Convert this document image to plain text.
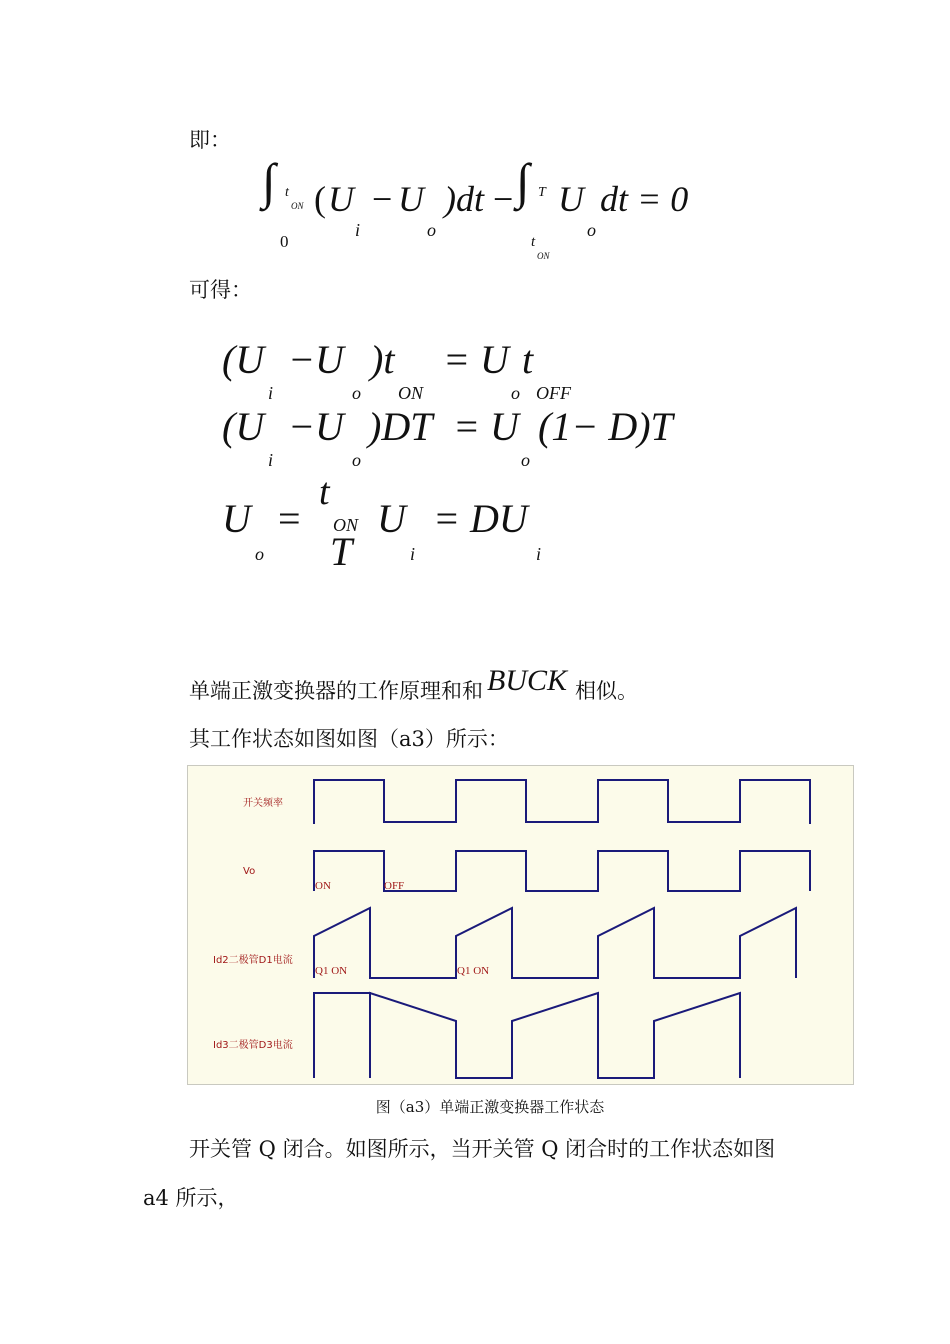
即：
∫ t
ON
0
( U
i
− U
o
)dt − ∫ T
t
ON
U
o
dt = 0
可得：
(U
i
−U
o
)t
ON
= U
o
t
OFF
(U
i
−U
o
)DT = U
o
(1− D)T
U
o
=
t
ON
T
U
i
= DU
i
单端正激变换器的工作原理和和 BUCK 相似。
其工作状态如图如图（a3）所示：
开关频率
Vo
Id2二极管D1电流
Id3二极管D3电流
ON	OFF
Q1 ON	Q1 ON
图（a3）单端正激变换器工作状态
开关管 Q 闭合。如图所示，当开关管 Q 闭合时的工作状态如图
a4 所示，
